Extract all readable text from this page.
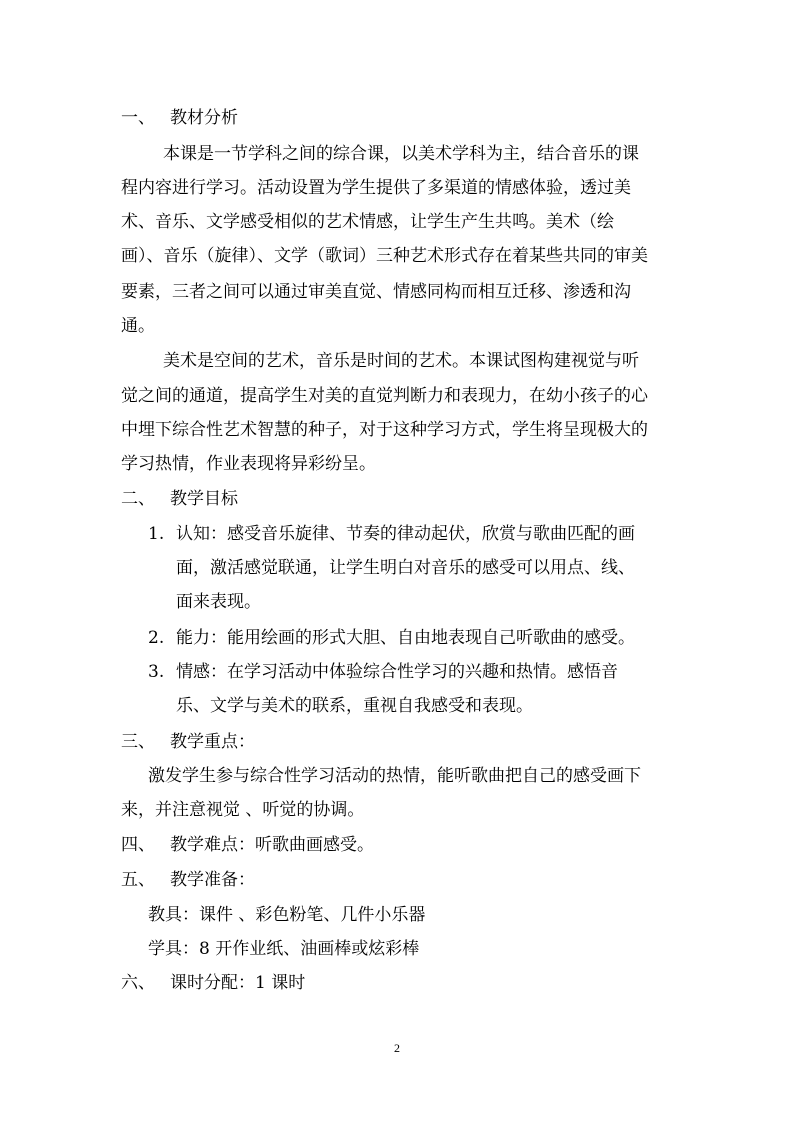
一、 教材分析
本课是一节学科之间的综合课，以美术学科为主，结合音乐的课
程内容进行学习。活动设置为学生提供了多渠道的情感体验，透过美
术、音乐、文学感受相似的艺术情感，让学生产生共鸣。美术（绘
画）、音乐（旋律）、文学（歌词）三种艺术形式存在着某些共同的审美
要素，三者之间可以通过审美直觉、情感同构而相互迁移、渗透和沟
通。
美术是空间的艺术，音乐是时间的艺术。本课试图构建视觉与听
觉之间的通道，提高学生对美的直觉判断力和表现力，在幼小孩子的心
中埋下综合性艺术智慧的种子，对于这种学习方式，学生将呈现极大的
学习热情，作业表现将异彩纷呈。
二、 教学目标
1. 认知：感受音乐旋律、节奏的律动起伏，欣赏与歌曲匹配的画
面，激活感觉联通，让学生明白对音乐的感受可以用点、线、
面来表现。
2. 能力：能用绘画的形式大胆、自由地表现自己听歌曲的感受。
3. 情感：在学习活动中体验综合性学习的兴趣和热情。感悟音
乐、文学与美术的联系，重视自我感受和表现。
三、 教学重点：
激发学生参与综合性学习活动的热情，能听歌曲把自己的感受画下
来，并注意视觉 、听觉的协调。
四、 教学难点：听歌曲画感受。
五、 教学准备：
教具：课件 、彩色粉笔、几件小乐器
学具：8 开作业纸、油画棒或炫彩棒
六、 课时分配：1 课时
2
